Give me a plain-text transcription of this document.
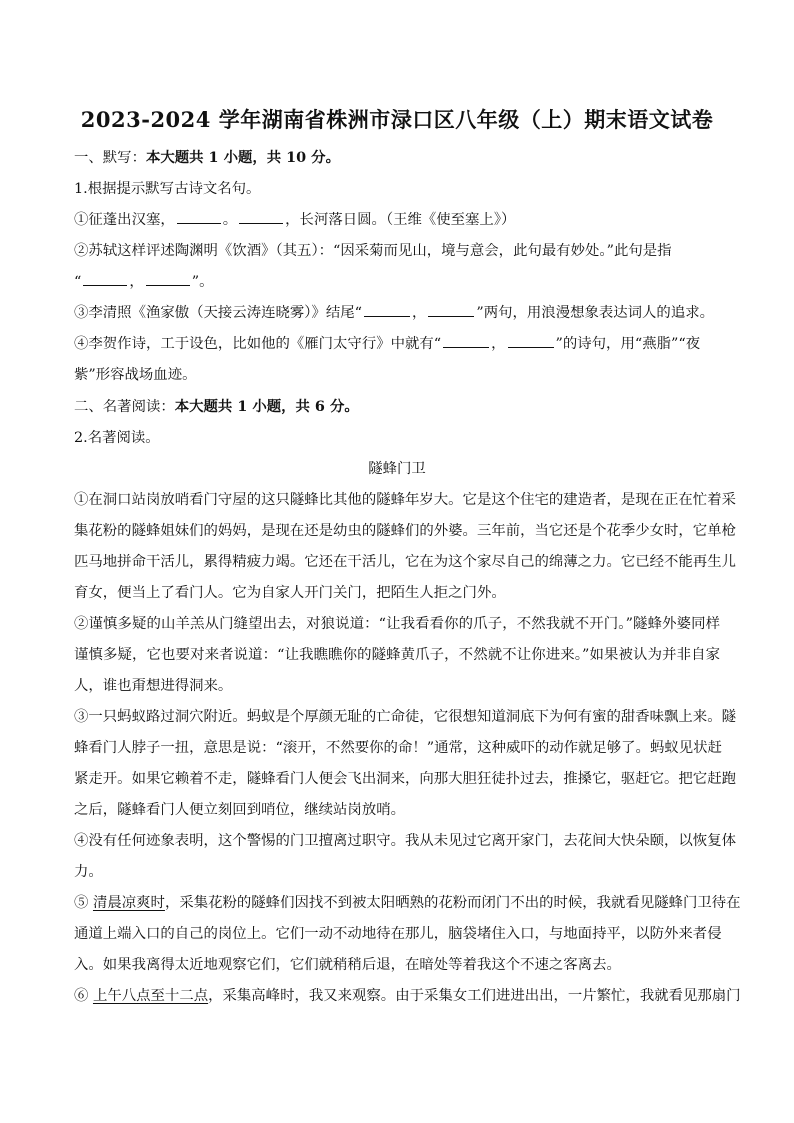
2023-2024 学年湖南省株洲市渌口区八年级（上）期末语文试卷
一、默写：本大题共 1 小题，共 10 分。
1.根据提示默写古诗文名句。
①征蓬出汉塞，	。	，长河落日圆。（王维《使至塞上》）
②苏轼这样评述陶渊明《饮酒》（其五）：“因采菊而见山，境与意会，此句最有妙处。”此句是指
“	，	”。
③李清照《渔家傲（天接云涛连晓雾）》结尾“	，	”两句，用浪漫想象表达词人的追求。
④李贺作诗，工于设色，比如他的《雁门太守行》中就有“	，	”的诗句，用“燕脂”“夜
紫”形容战场血迹。
二、名著阅读：本大题共 1 小题，共 6 分。
2.名著阅读。
隧蜂门卫
①在洞口站岗放哨看门守屋的这只隧蜂比其他的隧蜂年岁大。它是这个住宅的建造者，是现在正在忙着采
集花粉的隧蜂姐妹们的妈妈，是现在还是幼虫的隧蜂们的外婆。三年前，当它还是个花季少女时，它单枪
匹马地拼命干活儿，累得精疲力竭。它还在干活儿，它在为这个家尽自己的绵薄之力。它已经不能再生儿
育女，便当上了看门人。它为自家人开门关门，把陌生人拒之门外。
②谨慎多疑的山羊羔从门缝望出去，对狼说道：“让我看看你的爪子，不然我就不开门。”隧蜂外婆同样
谨慎多疑，它也要对来者说道：“让我瞧瞧你的隧蜂黄爪子，不然就不让你进来。”如果被认为并非自家
人，谁也甭想进得洞来。
③一只蚂蚁路过洞穴附近。蚂蚁是个厚颜无耻的亡命徒，它很想知道洞底下为何有蜜的甜香味飘上来。隧
蜂看门人脖子一扭，意思是说：“滚开，不然要你的命！”通常，这种威吓的动作就足够了。蚂蚁见状赶
紧走开。如果它赖着不走，隧蜂看门人便会飞出洞来，向那大胆狂徒扑过去，推搡它，驱赶它。把它赶跑
之后，隧蜂看门人便立刻回到哨位，继续站岗放哨。
④没有任何迹象表明，这个警惕的门卫擅离过职守。我从未见过它离开家门，去花间大快朵颐，以恢复体
力。
⑤ 清晨凉爽时，采集花粉的隧蜂们因找不到被太阳晒熟的花粉而闭门不出的时候，我就看见隧蜂门卫待在
通道上端入口的自己的岗位上。它们一动不动地待在那儿，脑袋堵住入口，与地面持平，以防外来者侵
入。如果我离得太近地观察它们，它们就稍稍后退，在暗处等着我这个不速之客离去。
⑥ 上午八点至十二点，采集高峰时，我又来观察。由于采集女工们进进出出，一片繁忙，我就看见那扇门
